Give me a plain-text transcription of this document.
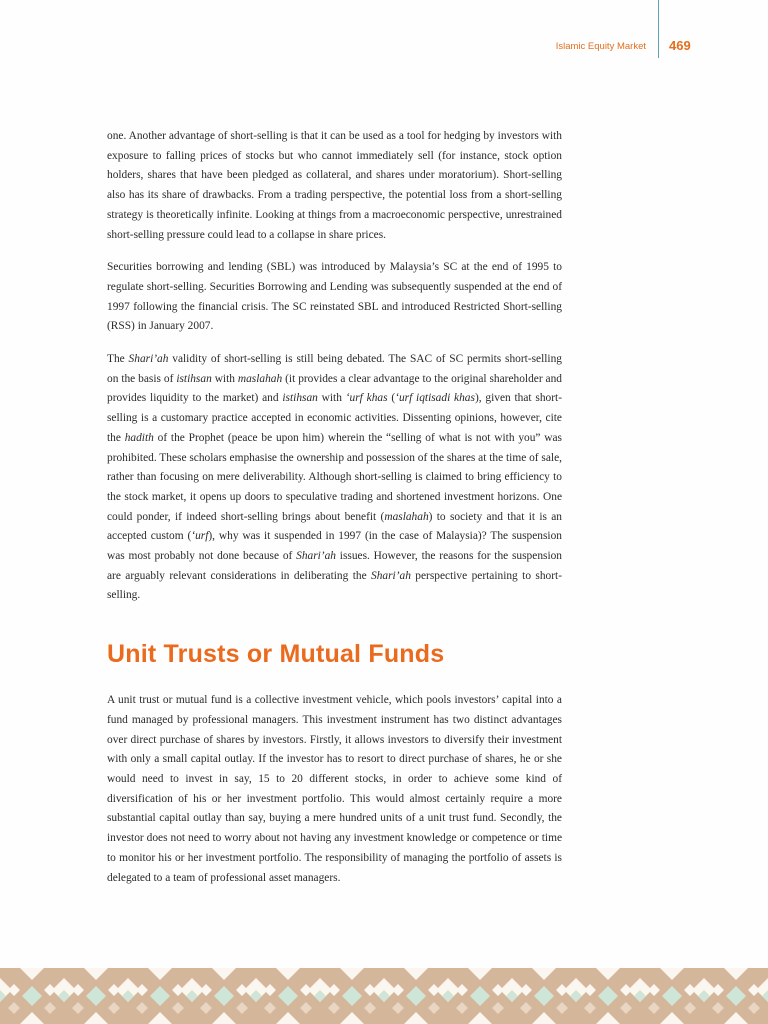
Islamic Equity Market 469

one. Another advantage of short-selling is that it can be used as a tool for hedging by investors with exposure to falling prices of stocks but who cannot immediately sell (for instance, stock option holders, shares that have been pledged as collateral, and shares under moratorium). Short-selling also has its share of drawbacks. From a trading perspective, the potential loss from a short-selling strategy is theoretically infinite. Looking at things from a macroeconomic perspective, unrestrained short-selling pressure could lead to a collapse in share prices.

Securities borrowing and lending (SBL) was introduced by Malaysia’s SC at the end of 1995 to regulate short-selling. Securities Borrowing and Lending was subsequently suspended at the end of 1997 following the financial crisis. The SC reinstated SBL and introduced Restricted Short-selling (RSS) in January 2007.

The Shari’ah validity of short-selling is still being debated. The SAC of SC permits short-selling on the basis of istihsan with maslahah (it provides a clear advantage to the original shareholder and provides liquidity to the market) and istihsan with ‘urf khas (‘urf iqtisadi khas), given that short-selling is a customary practice accepted in economic activities. Dissenting opinions, however, cite the hadith of the Prophet (peace be upon him) wherein the “selling of what is not with you” was prohibited. These scholars emphasise the ownership and possession of the shares at the time of sale, rather than focusing on mere deliverability. Although short-selling is claimed to bring efficiency to the stock market, it opens up doors to speculative trading and shortened investment horizons. One could ponder, if indeed short-selling brings about benefit (maslahah) to society and that it is an accepted custom (‘urf), why was it suspended in 1997 (in the case of Malaysia)? The suspension was most probably not done because of Shari’ah issues. However, the reasons for the suspension are arguably relevant considerations in deliberating the Shari’ah perspective pertaining to short-selling.

Unit Trusts or Mutual Funds

A unit trust or mutual fund is a collective investment vehicle, which pools investors’ capital into a fund managed by professional managers. This investment instrument has two distinct advantages over direct purchase of shares by investors. Firstly, it allows investors to diversify their investment with only a small capital outlay. If the investor has to resort to direct purchase of shares, he or she would need to invest in say, 15 to 20 different stocks, in order to achieve some kind of diversification of his or her investment portfolio. This would almost certainly require a more substantial capital outlay than say, buying a mere hundred units of a unit trust fund. Secondly, the investor does not need to worry about not having any investment knowledge or competence or time to monitor his or her investment portfolio. The responsibility of managing the portfolio of assets is delegated to a team of professional asset managers.
